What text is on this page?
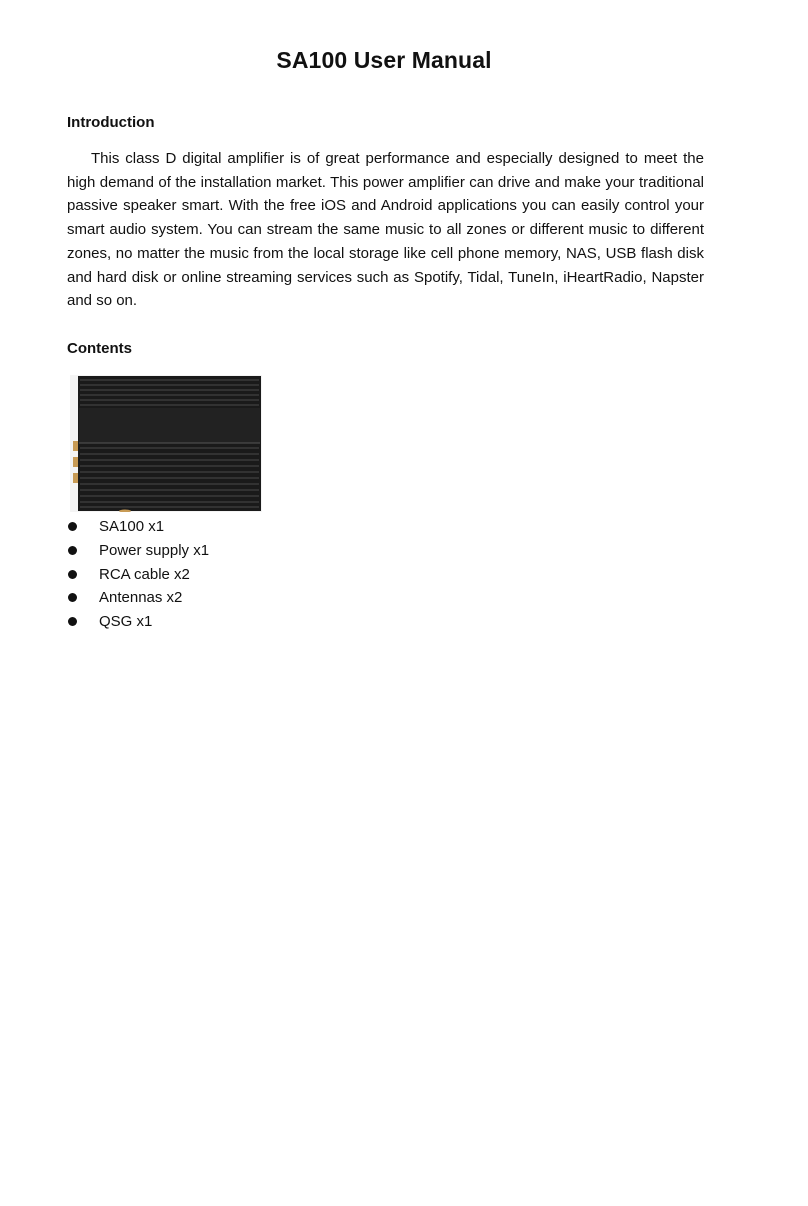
SA100 User Manual
Introduction

This class D digital amplifier is of great performance and especially designed to meet the high demand of the installation market. This power amplifier can drive and make your traditional passive speaker smart. With the free iOS and Android applications you can easily control your smart audio system. You can stream the same music to all zones or different music to different zones, no matter the music from the local storage like cell phone memory, NAS, USB flash disk and hard disk or online streaming services such as Spotify, Tidal, TuneIn, iHeartRadio, Napster and so on.

Contents
SA100 x1
Power supply x1
RCA cable x2
Antennas x2
QSG x1
